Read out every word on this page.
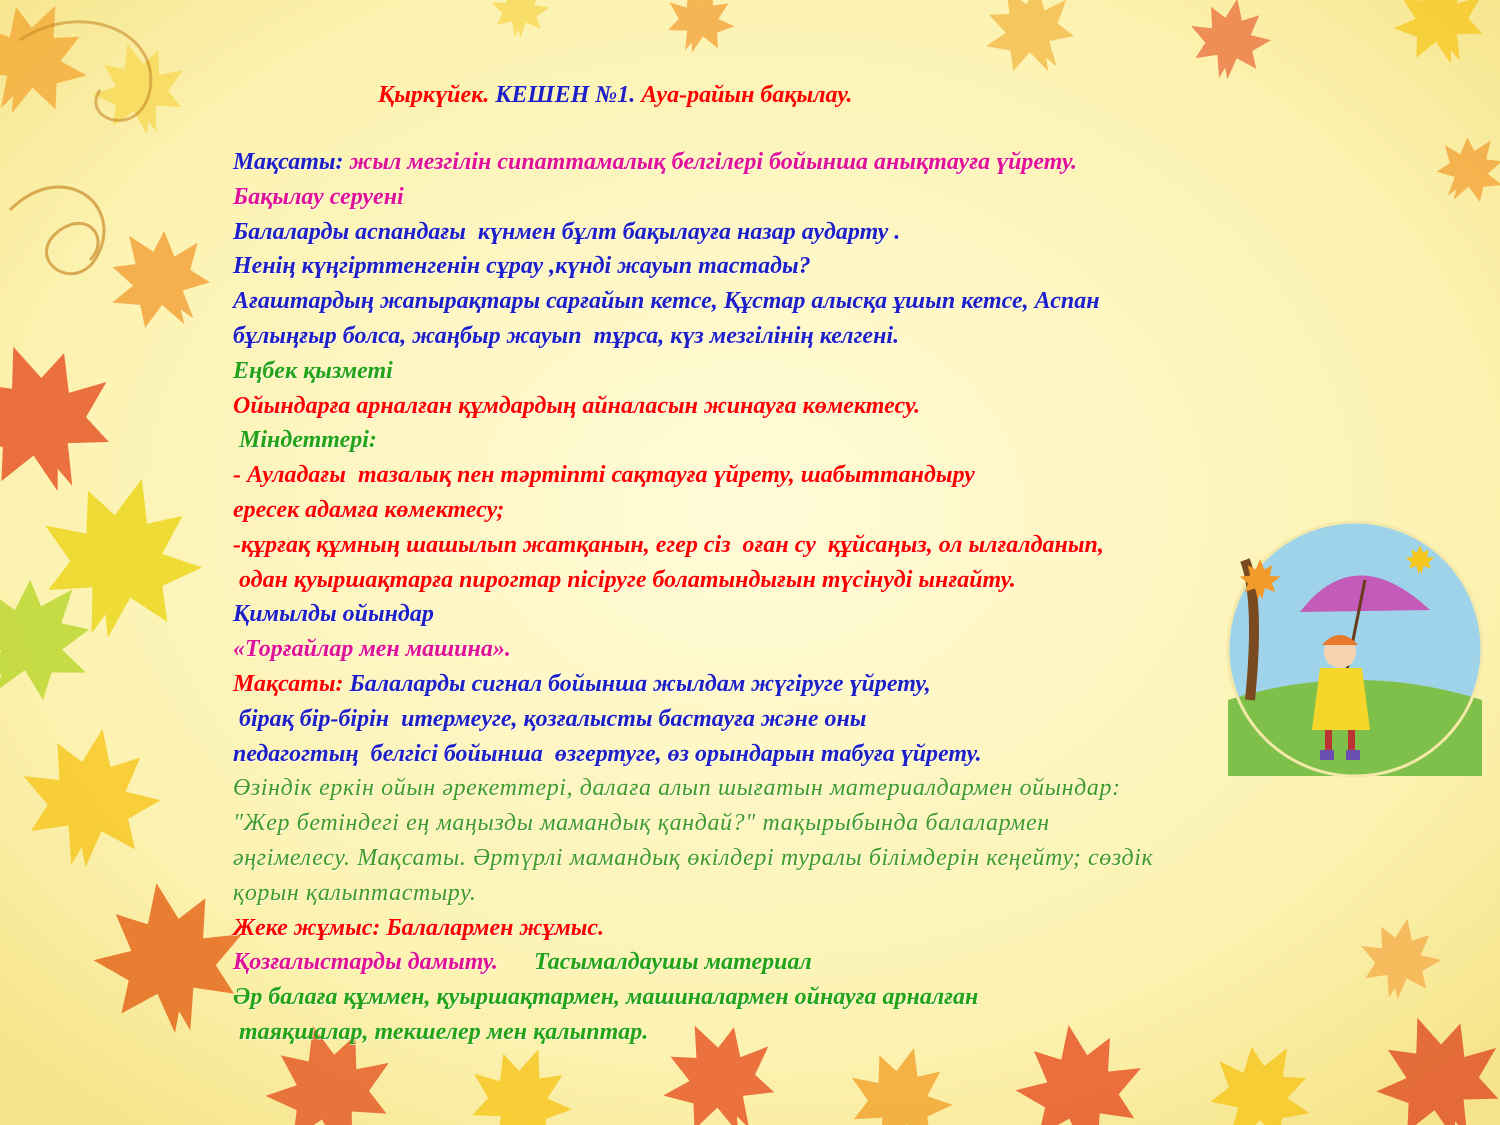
Қыркүйек. КЕШЕН №1. Ауа-райын бақылау.
Мақсаты: жыл мезгілін сипаттамалық белгілері бойынша анықтауға үйрету.
Бақылау серуені
Балаларды аспандағы  күнмен бұлт бақылауға назар аударту .
Ненің күңгірттенгенін сұрау ,күнді жауып тастады?
Ағаштардың жапырақтары сарғайып кетсе, Құстар алысқа ұшып кетсе, Аспан
бұлыңғыр болса, жаңбыр жауып  тұрса, күз мезгілінің келгені.
Еңбек қызметі
Ойындарға арналған құмдардың айналасын жинауға көмектесу.
Міндеттері:
- Ауладағы  тазалық пен тәртіпті сақтауға үйрету, шабыттандыру
ересек адамға көмектесу;
-құрғақ құмның шашылып жатқанын, егер сіз  оған су  құйсаңыз, ол ылғалданып,
одан қуыршақтарға пирогтар пісіруге болатындығын түсінуді ынғайту.
Қимылды ойындар
«Торғайлар мен машина».
Мақсаты: Балаларды сигнал бойынша жылдам жүгіруге үйрету,
бірақ бір-бірін  итермеуге, қозғалысты бастауға және оны
педагогтың  белгісі бойынша  өзгертуге, өз орындарын табуға үйрету.
Өзіндік еркін ойын әрекеттері, далаға алып шығатын материалдармен ойындар:
"Жер бетіндегі ең маңызды мамандық қандай?" тақырыбында балалармен
әңгімелесу. Мақсаты. Әртүрлі мамандық өкілдері туралы білімдерін кеңейту; сөздік
қорын қалыптастыру.
Жеке жұмыс: Балалармен жұмыс.
Қозғалыстарды дамыту.      Тасымалдаушы материал
Әр балаға құммен, қуыршақтармен, машиналармен ойнауға арналған
таяқшалар, текшелер мен қалыптар.
